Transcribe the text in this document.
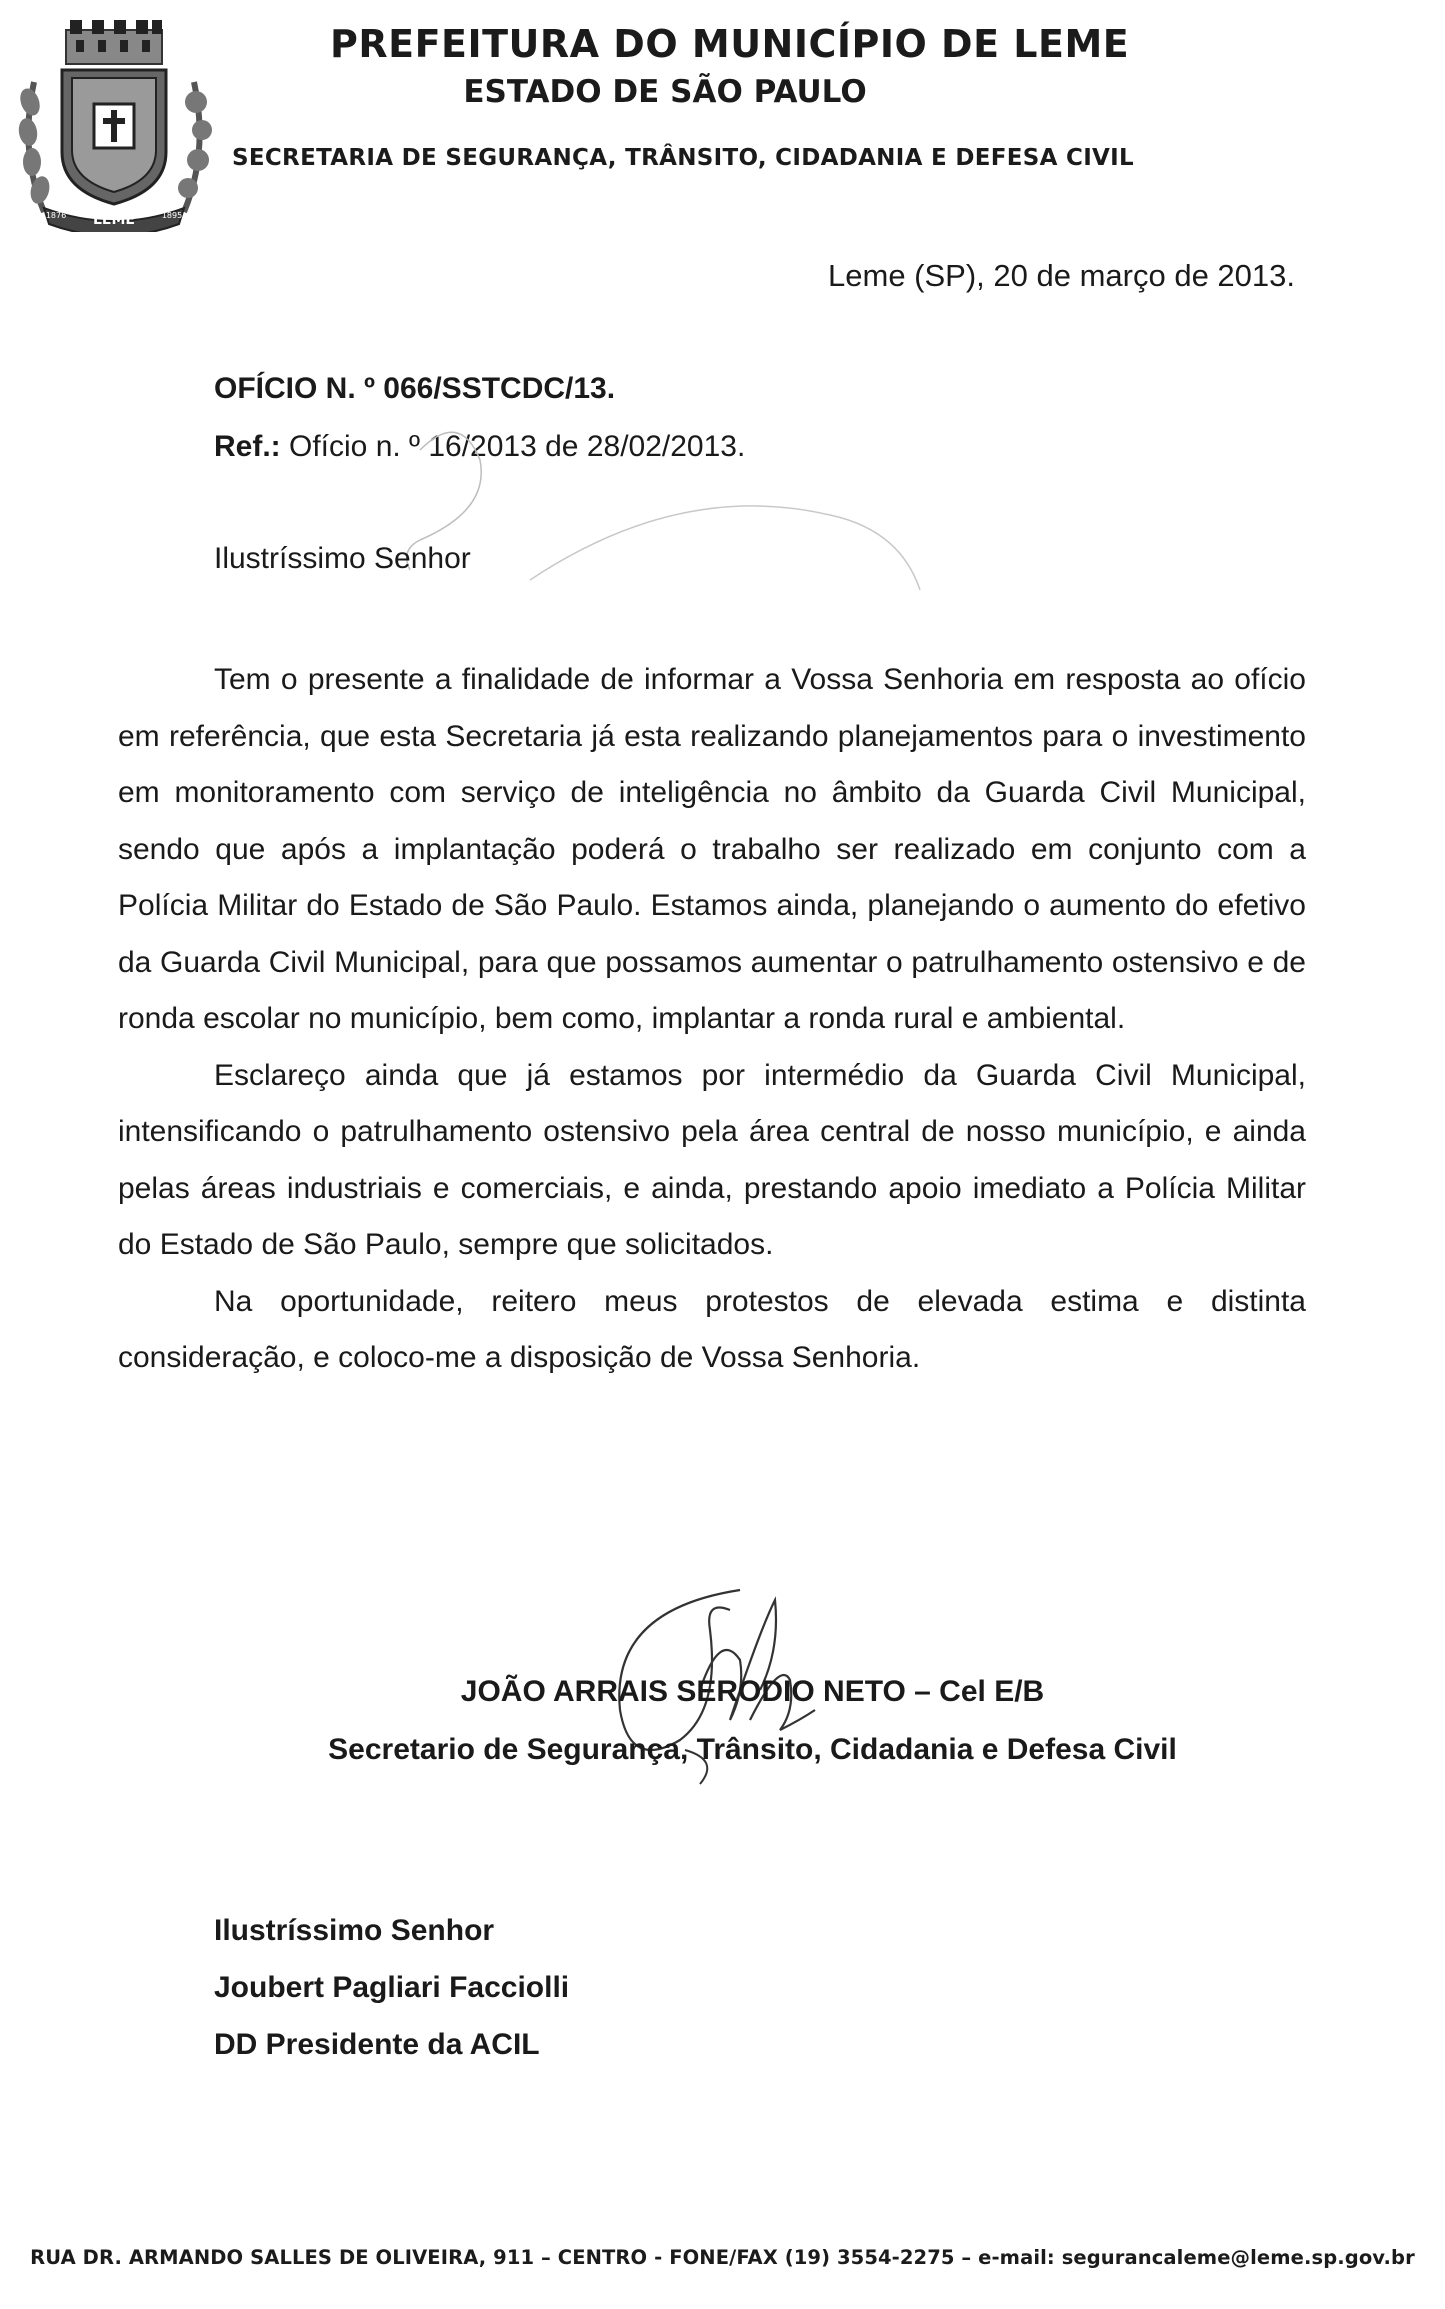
LEME
1876	1895
PREFEITURA DO MUNICÍPIO DE LEME
ESTADO DE SÃO PAULO
SECRETARIA DE SEGURANÇA, TRÂNSITO, CIDADANIA E DEFESA CIVIL
Leme (SP), 20 de março de 2013.
OFÍCIO N. º 066/SSTCDC/13.
Ref.: Ofício n. º 16/2013 de 28/02/2013.
Ilustríssimo Senhor

Tem o presente a finalidade de informar a Vossa Senhoria em resposta ao ofício em referência, que esta Secretaria já esta realizando planejamentos para o investimento em monitoramento com serviço de inteligência no âmbito da Guarda Civil Municipal, sendo que após a implantação poderá o trabalho ser realizado em conjunto com a Polícia Militar do Estado de São Paulo. Estamos ainda, planejando o aumento do efetivo da Guarda Civil Municipal, para que possamos aumentar o patrulhamento ostensivo e de ronda escolar no município, bem como, implantar a ronda rural e ambiental.

Esclareço ainda que já estamos por intermédio da Guarda Civil Municipal, intensificando o patrulhamento ostensivo pela área central de nosso município, e ainda pelas áreas industriais e comerciais, e ainda, prestando apoio imediato a Polícia Militar do Estado de São Paulo, sempre que solicitados.

Na oportunidade, reitero meus protestos de elevada estima e distinta consideração, e coloco-me a disposição de Vossa Senhoria.

JOÃO ARRAIS SERODIO NETO – Cel E/B
Secretario de Segurança, Trânsito, Cidadania e Defesa Civil
Ilustríssimo Senhor
Joubert Pagliari Facciolli
DD Presidente da ACIL
RUA DR. ARMANDO SALLES DE OLIVEIRA, 911 – CENTRO - FONE/FAX (19) 3554-2275 – e-mail: segurancaleme@leme.sp.gov.br
